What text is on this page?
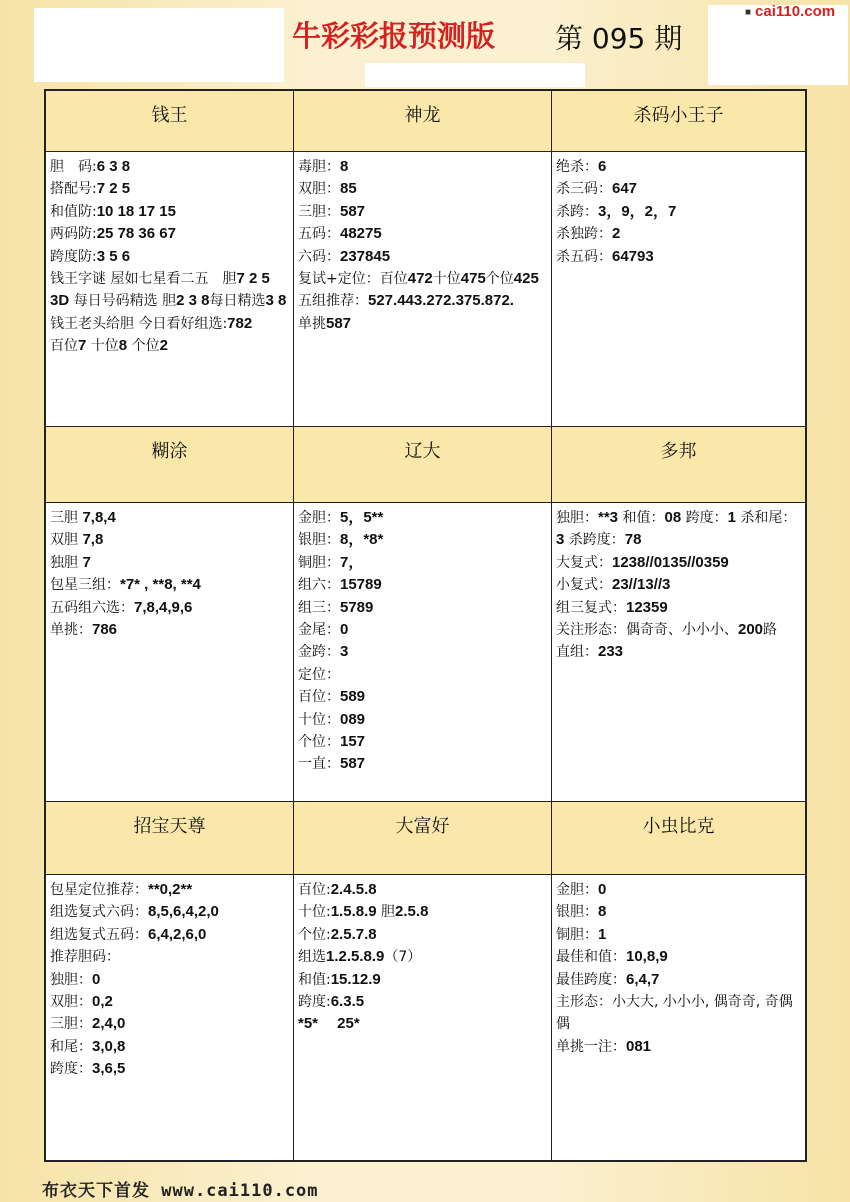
牛彩彩报预测版 第 095 期
■ cai110.com
钱王	神龙	杀码小王子
胆　码:6 3 8
搭配号:7 2 5
和值防:10 18 17 15
两码防:25 78 36 67
跨度防:3 5 6
钱王字谜 屋如七星看二五　胆7 2 5
3D 每日号码精选 胆2 3 8每日精选3 8
钱王老头给胆 今日看好组选:782
百位7 十位8 个位2
毒胆：8
双胆：85
三胆：587
五码：48275
六码：237845
复试+定位：百位472十位475个位425
五组推荐：527.443.272.375.872.
单挑587
绝杀：6
杀三码：647
杀跨：3，9，2，7
杀独跨：2
杀五码：64793
糊涂	辽大	多邦
三胆 7,8,4
双胆 7,8
独胆 7
包星三组：*7* , **8, **4
五码组六选：7,8,4,9,6
单挑：786
金胆：5，5**
银胆：8，*8*
铜胆：7，
组六：15789
组三：5789
金尾：0
金跨：3
定位：
百位：589
十位：089
个位：157
一直：587
独胆：**3 和值：08 跨度：1 杀和尾：3 杀跨度：78
大复式：1238//0135//0359
小复式：23//13//3
组三复式：12359
关注形态：偶奇奇、小小小、200路
直组：233
招宝天尊	大富好	小虫比克
包星定位推荐：**0,2**
组选复式六码：8,5,6,4,2,0
组选复式五码：6,4,2,6,0
推荐胆码：
独胆：0
双胆：0,2
三胆：2,4,0
和尾：3,0,8
跨度：3,6,5
百位:2.4.5.8
十位:1.5.8.9 胆2.5.8
个位:2.5.7.8
组选1.2.5.8.9（7）
和值:15.12.9
跨度:6.3.5
*5*　 25*
金胆：0
银胆：8
铜胆：1
最佳和值：10,8,9
最佳跨度：6,4,7
主形态：小大大, 小小小, 偶奇奇, 奇偶偶
单挑一注：081
布衣天下首发 www.cai110.com
